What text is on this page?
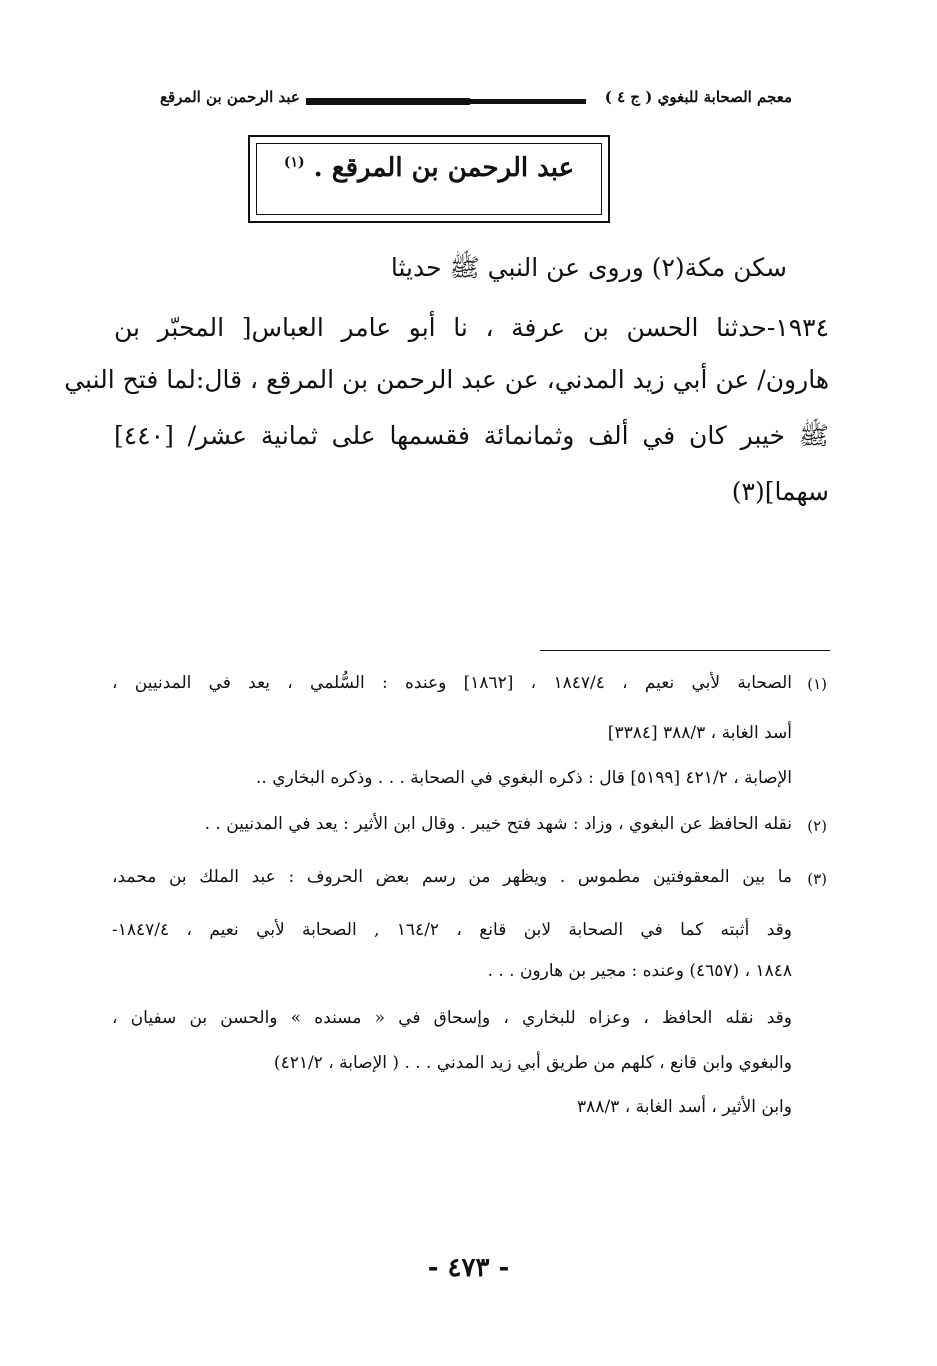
معجم الصحابة للبغوي ( ج ٤ )
عبد الرحمن بن المرقع
عبد الرحمن بن المرقع . $^{(١)}$
سكن مكة(٢) وروى عن النبي ﷺ حديثا
١٩٣٤-حدثنا الحسن بن عرفة ، نا أبو عامر العباس[ المحبّر بن
هارون/ عن أبي زيد المدني، عن عبد الرحمن بن المرقع ، قال:لما فتح النبي
ﷺ خيبر كان في ألف وثمانمائة فقسمها على ثمانية عشر/ [٤٤٠]
سهما](٣)
(١)
الصحابة لأبي نعيم ، ١٨٤٧/٤ ، [١٨٦٢] وعنده : السُّلمي ، يعد في المدنيين ،
أسد الغابة ، ٣٨٨/٣ [٣٣٨٤]
الإصابة ، ٤٢١/٢ [٥١٩٩] قال : ذكره البغوي في الصحابة . . . وذكره البخاري ..
(٢)
نقله الحافظ عن البغوي ، وزاد : شهد فتح خيبر . وقال ابن الأثير : يعد في المدنيين . .
(٣)
ما بين المعقوفتين مطموس . ويظهر من رسم بعض الحروف : عبد الملك بن محمد،
وقد أثبته كما في الصحابة لابن قانع ، ١٦٤/٢ , الصحابة لأبي نعيم ، ١٨٤٧/٤-
١٨٤٨ ، (٤٦٥٧) وعنده : مجير بن هارون . . .
وقد نقله الحافظ ، وعزاه للبخاري ، وإسحاق في « مسنده » والحسن بن سفيان ،
والبغوي وابن قانع ، كلهم من طريق أبي زيد المدني . . . ( الإصابة ، ٤٢١/٢)
وابن الأثير ، أسد الغابة ، ٣٨٨/٣
- ٤٧٣ -
